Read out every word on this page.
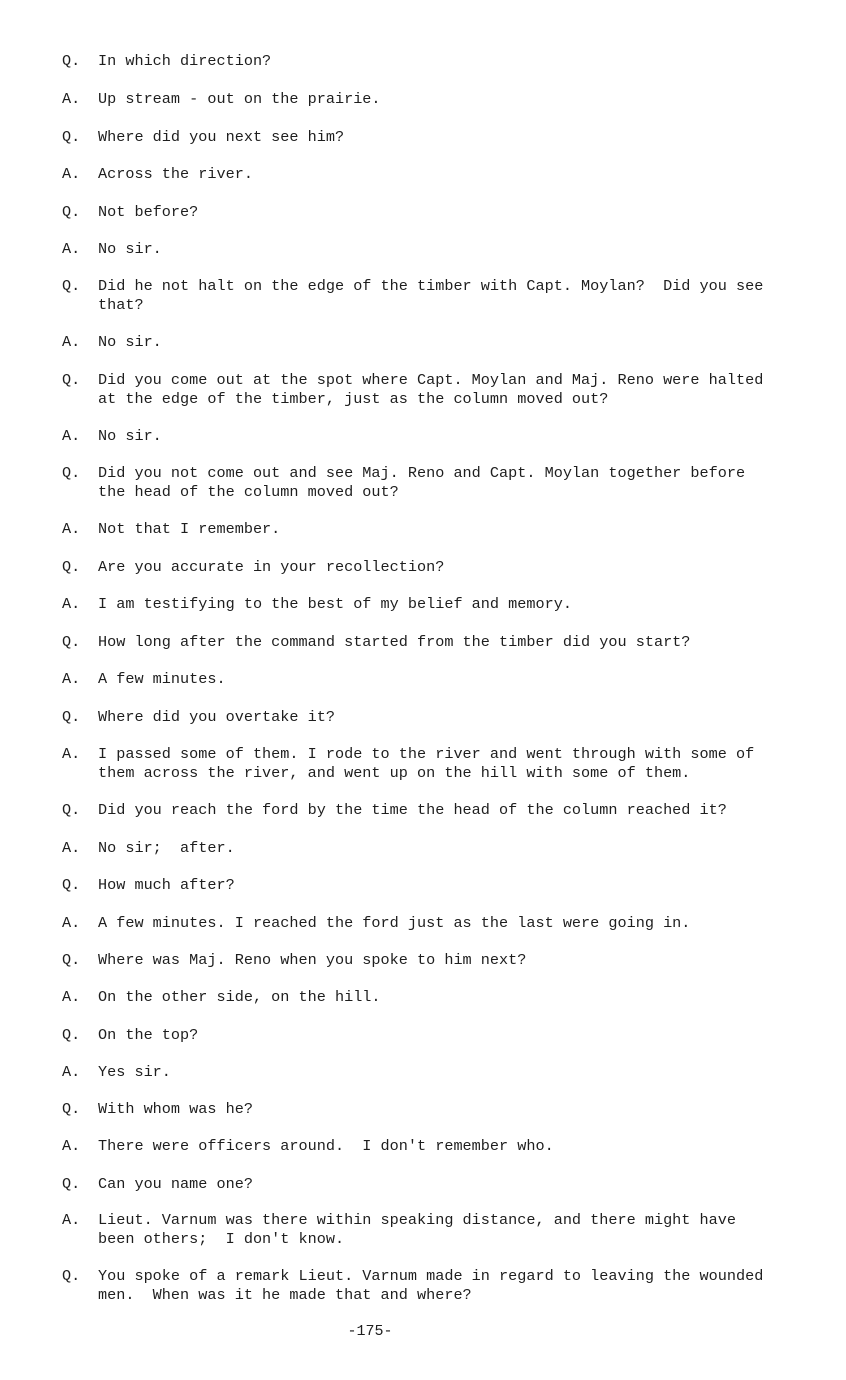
Q.	In which direction?
A.	Up stream - out on the prairie.
Q.	Where did you next see him?
A.	Across the river.
Q.	Not before?
A.	No sir.
Q.	Did he not halt on the edge of the timber with Capt. Moylan?  Did you see
that?
A.	No sir.
Q.	Did you come out at the spot where Capt. Moylan and Maj. Reno were halted
at the edge of the timber, just as the column moved out?
A.	No sir.
Q.	Did you not come out and see Maj. Reno and Capt. Moylan together before
the head of the column moved out?
A.	Not that I remember.
Q.	Are you accurate in your recollection?
A.	I am testifying to the best of my belief and memory.
Q.	How long after the command started from the timber did you start?
A.	A few minutes.
Q.	Where did you overtake it?
A.	I passed some of them. I rode to the river and went through with some of
them across the river, and went up on the hill with some of them.
Q.	Did you reach the ford by the time the head of the column reached it?
A.	No sir;  after.
Q.	How much after?
A.	A few minutes. I reached the ford just as the last were going in.
Q.	Where was Maj. Reno when you spoke to him next?
A.	On the other side, on the hill.
Q.	On the top?
A.	Yes sir.
Q.	With whom was he?
A.	There were officers around.  I don't remember who.
Q.	Can you name one?
A.	Lieut. Varnum was there within speaking distance, and there might have
been others;  I don't know.
Q.	You spoke of a remark Lieut. Varnum made in regard to leaving the wounded
men.  When was it he made that and where?
-175-
